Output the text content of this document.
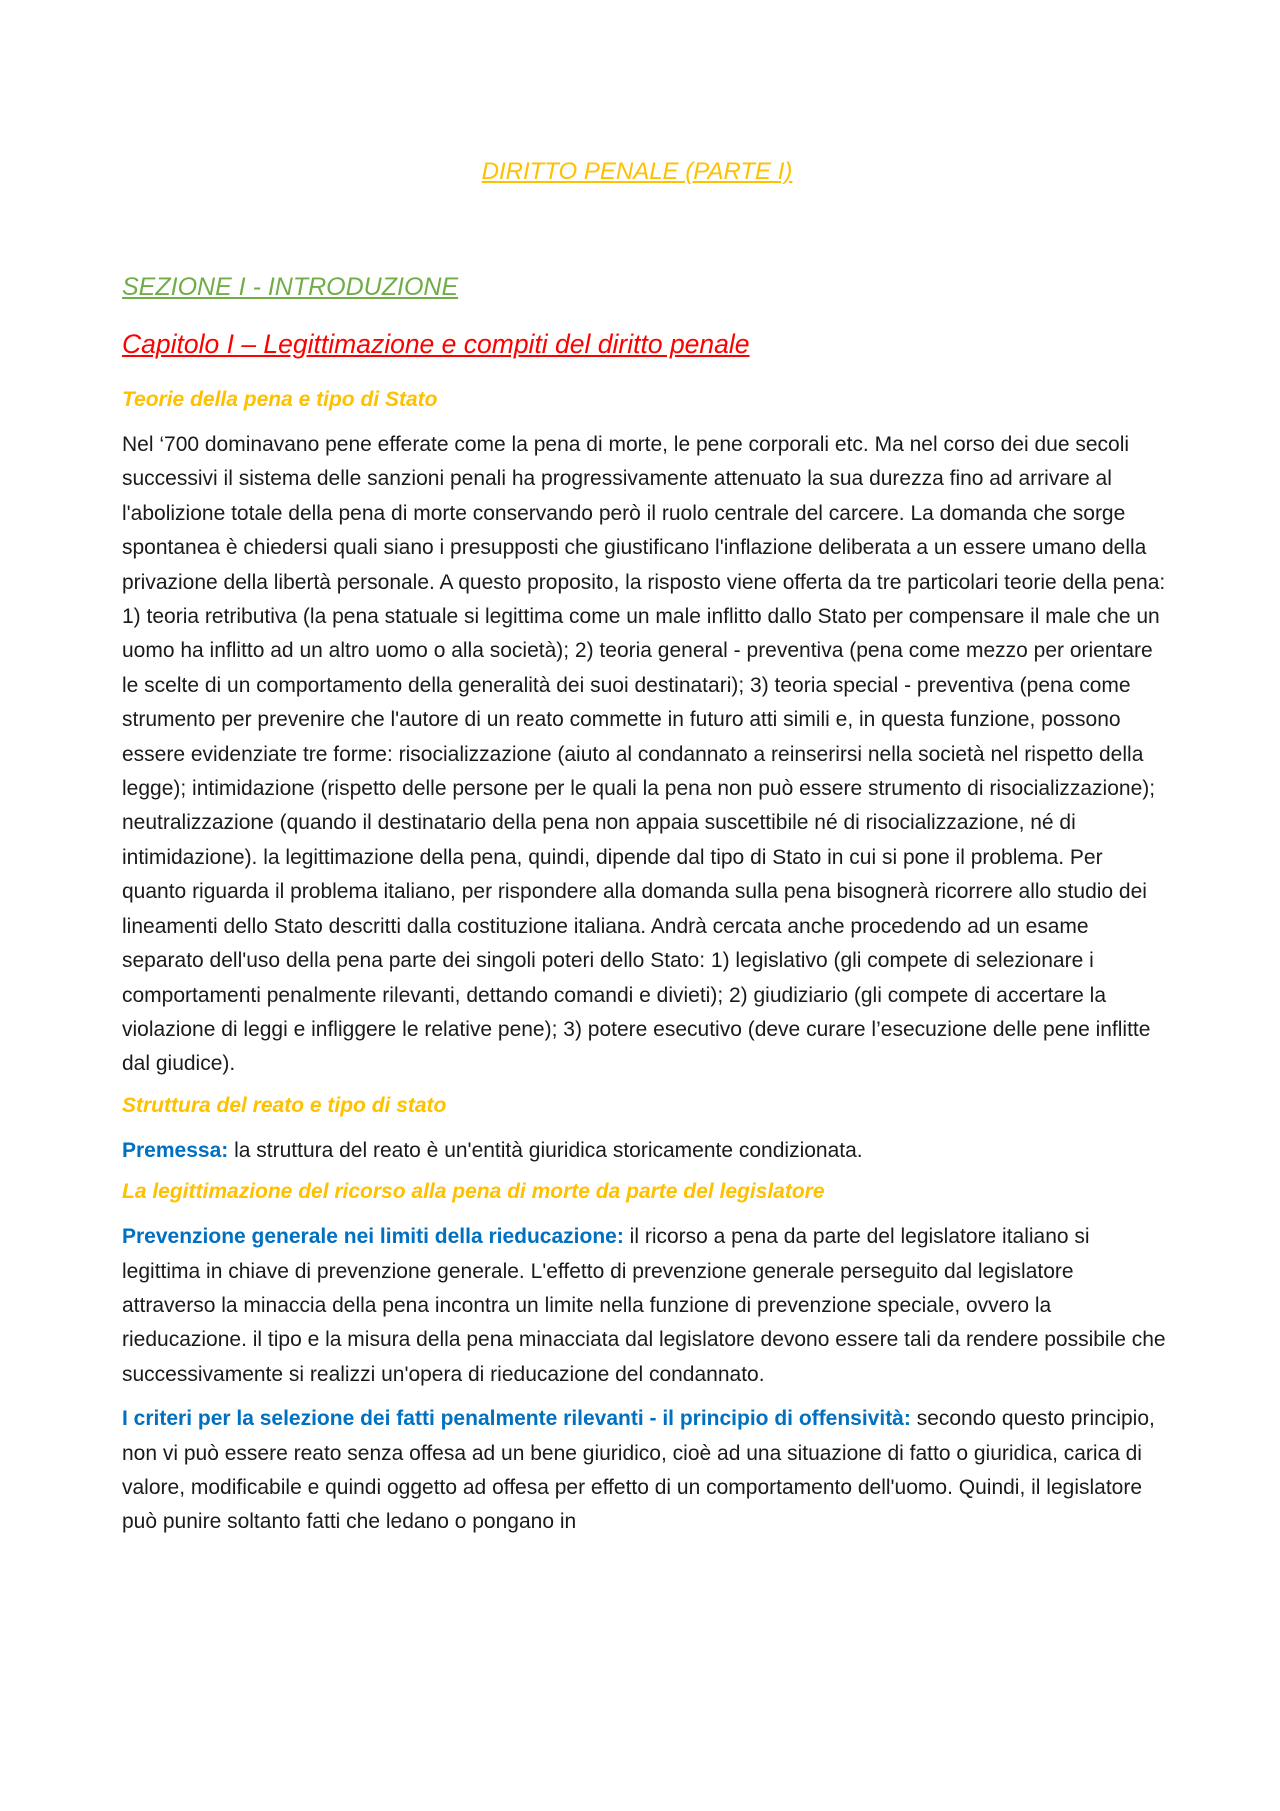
DIRITTO PENALE (PARTE I)
SEZIONE I - INTRODUZIONE
Capitolo I – Legittimazione e compiti del diritto penale

Teorie della pena e tipo di Stato

Nel ‘700 dominavano pene efferate come la pena di morte, le pene corporali etc. Ma nel corso dei due secoli successivi il sistema delle sanzioni penali ha progressivamente attenuato la sua durezza fino ad arrivare al l'abolizione totale della pena di morte conservando però il ruolo centrale del carcere. La domanda che sorge spontanea è chiedersi quali siano i presupposti che giustificano l'inflazione deliberata a un essere umano della privazione della libertà personale. A questo proposito, la risposto viene offerta da tre particolari teorie della pena: 1) teoria retributiva (la pena statuale si legittima come un male inflitto dallo Stato per compensare il male che un uomo ha inflitto ad un altro uomo o alla società); 2) teoria general - preventiva (pena come mezzo per orientare le scelte di un comportamento della generalità dei suoi destinatari); 3) teoria special - preventiva (pena come strumento per prevenire che l'autore di un reato commette in futuro atti simili e, in questa funzione, possono essere evidenziate tre forme: risocializzazione (aiuto al condannato a reinserirsi nella società nel rispetto della legge); intimidazione (rispetto delle persone per le quali la pena non può essere strumento di risocializzazione); neutralizzazione (quando il destinatario della pena non appaia suscettibile né di risocializzazione, né di intimidazione). la legittimazione della pena, quindi, dipende dal tipo di Stato in cui si pone il problema. Per quanto riguarda il problema italiano, per rispondere alla domanda sulla pena bisognerà ricorrere allo studio dei lineamenti dello Stato descritti dalla costituzione italiana. Andrà cercata anche procedendo ad un esame separato dell'uso della pena parte dei singoli poteri dello Stato: 1) legislativo (gli compete di selezionare i comportamenti penalmente rilevanti, dettando comandi e divieti); 2) giudiziario (gli compete di accertare la violazione di leggi e infliggere le relative pene); 3) potere esecutivo (deve curare l’esecuzione delle pene inflitte dal giudice).

Struttura del reato e tipo di stato

Premessa: la struttura del reato è un'entità giuridica storicamente condizionata.

La legittimazione del ricorso alla pena di morte da parte del legislatore

Prevenzione generale nei limiti della rieducazione: il ricorso a pena da parte del legislatore italiano si legittima in chiave di prevenzione generale. L'effetto di prevenzione generale perseguito dal legislatore attraverso la minaccia della pena incontra un limite nella funzione di prevenzione speciale, ovvero la rieducazione. il tipo e la misura della pena minacciata dal legislatore devono essere tali da rendere possibile che successivamente si realizzi un'opera di rieducazione del condannato.

I criteri per la selezione dei fatti penalmente rilevanti - il principio di offensività: secondo questo principio, non vi può essere reato senza offesa ad un bene giuridico, cioè ad una situazione di fatto o giuridica, carica di valore, modificabile e quindi oggetto ad offesa per effetto di un comportamento dell'uomo. Quindi, il legislatore può punire soltanto fatti che ledano o pongano in
